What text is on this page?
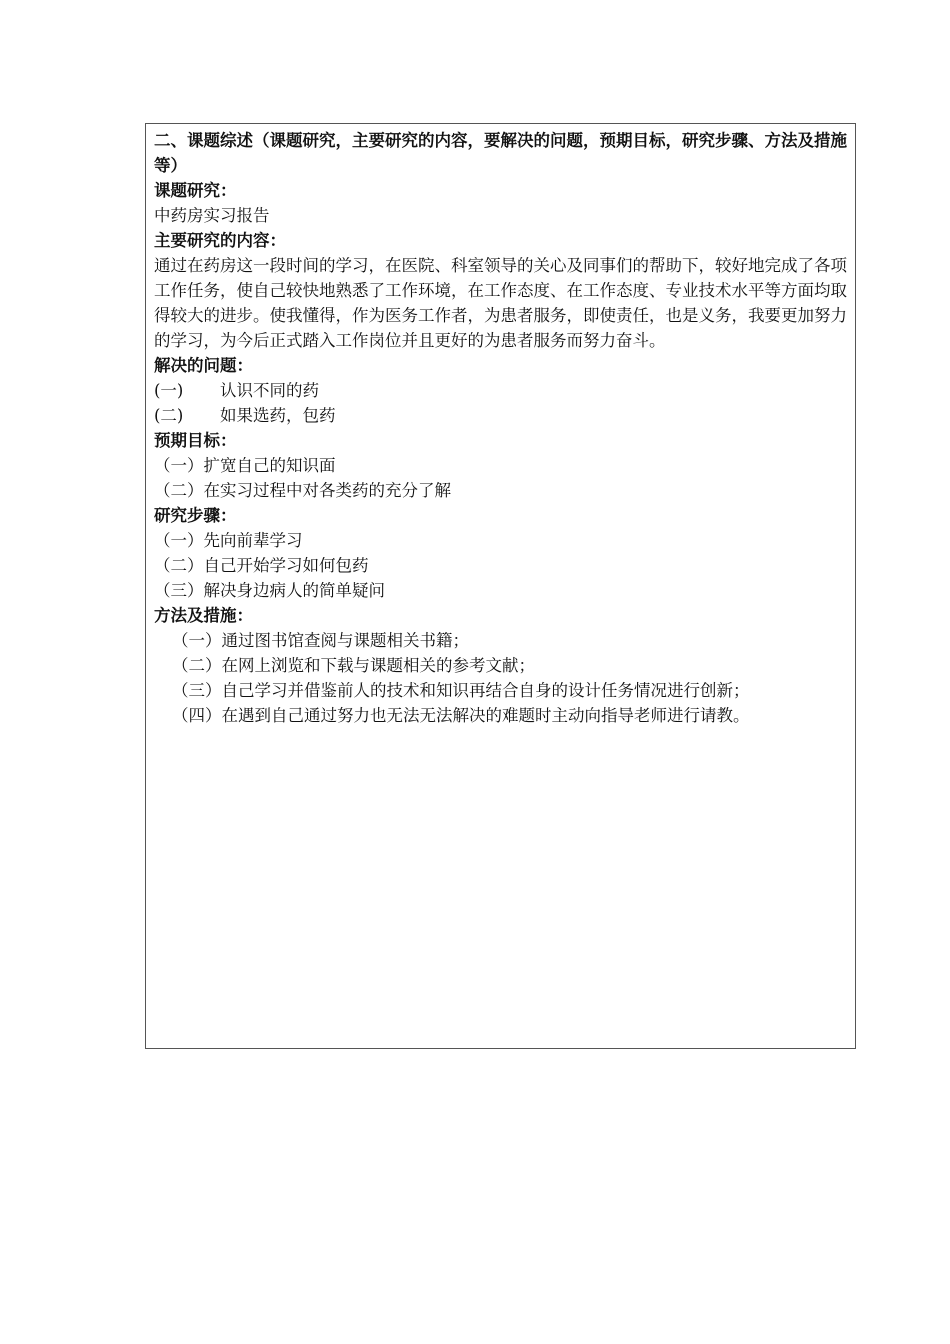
二、课题综述（课题研究，主要研究的内容，要解决的问题，预期目标，研究步骤、方法及措施等）
课题研究：
中药房实习报告
主要研究的内容：
通过在药房这一段时间的学习，在医院、科室领导的关心及同事们的帮助下，较好地完成了各项工作任务，使自己较快地熟悉了工作环境，在工作态度、在工作态度、专业技术水平等方面均取得较大的进步。使我懂得，作为医务工作者，为患者服务，即使责任，也是义务，我要更加努力的学习，为今后正式踏入工作岗位并且更好的为患者服务而努力奋斗。
解决的问题：
(一) 认识不同的药
(二) 如果选药，包药
预期目标：
（一）扩宽自己的知识面
（二）在实习过程中对各类药的充分了解
研究步骤：
（一）先向前辈学习
（二）自己开始学习如何包药
（三）解决身边病人的简单疑问
方法及措施：
（一）通过图书馆查阅与课题相关书籍；
（二）在网上浏览和下载与课题相关的参考文献；
（三）自己学习并借鉴前人的技术和知识再结合自身的设计任务情况进行创新；
（四）在遇到自己通过努力也无法无法解决的难题时主动向指导老师进行请教。
